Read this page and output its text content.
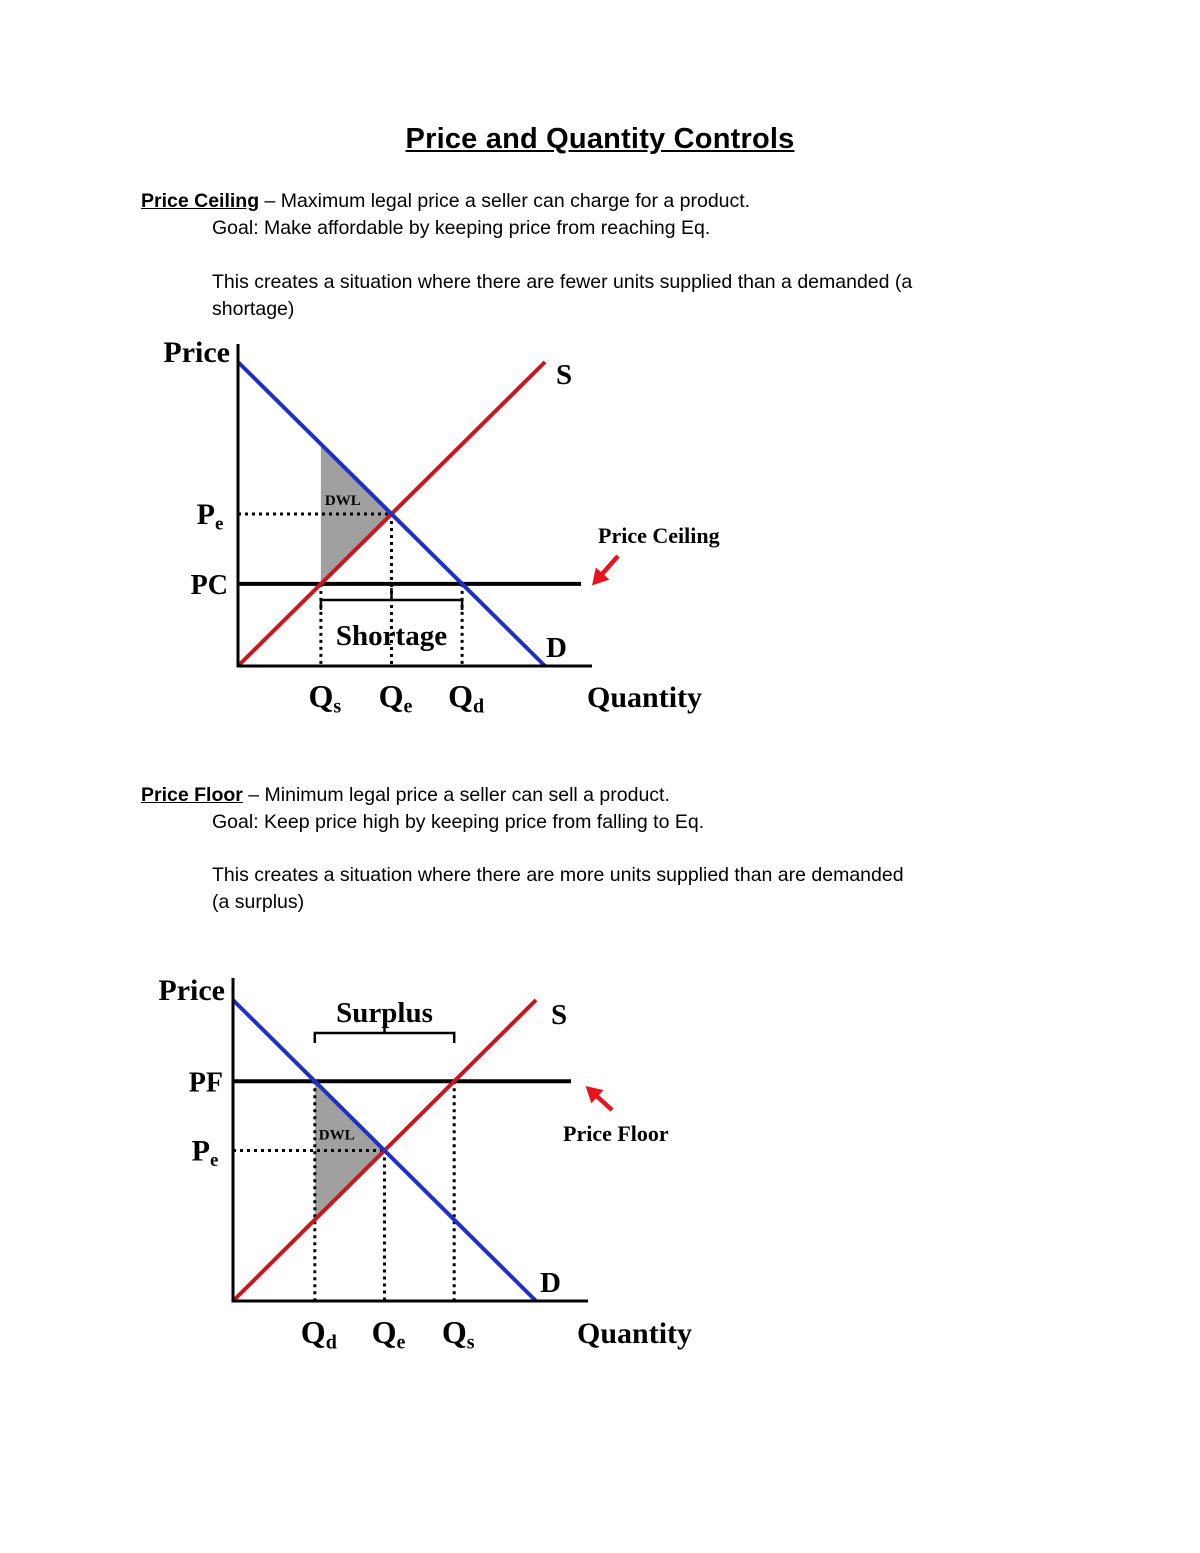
Price and Quantity Controls
Price Ceiling – Maximum legal price a seller can charge for a product.
Goal: Make affordable by keeping price from reaching Eq.
This creates a situation where there are fewer units supplied than a demanded (a
shortage)
DWL
Shortage
Price
Quantity
Pe
PC
Qs Qe Qd
S
D
Price Ceiling
Price Floor – Minimum legal price a seller can sell a product.
Goal: Keep price high by keeping price from falling to Eq.
This creates a situation where there are more units supplied than are demanded
(a surplus)
DWL
Surplus
Price
Quantity
Pe
PF
Qd Qe Qs
S
D
Price Floor
